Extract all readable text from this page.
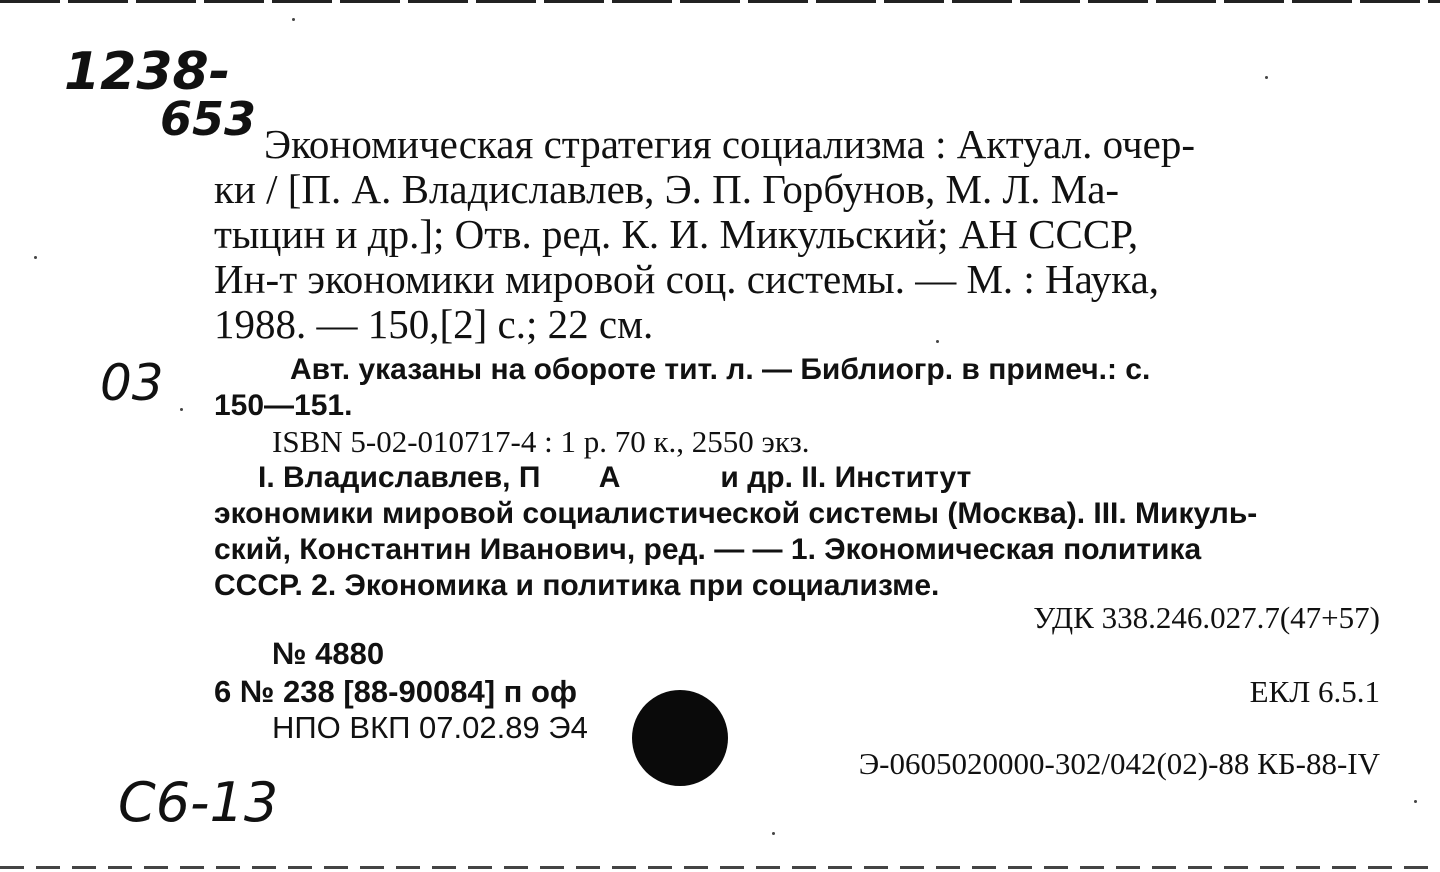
1238-
653 Экономическая стратегия социализма : Актуал. очер-
ки / [П. А. Владиславлев, Э. П. Горбунов, М. Л. Ма-
тыцин и др.]; Отв. ред. К. И. Микульский; АН СССР,
Ин-т экономики мировой соц. системы. — М. : Наука,
1988. — 150,[2] с.; 22 см.
03	Авт. указаны на обороте тит. л. — Библиогр. в примеч.: с.

150—151.

ISBN 5-02-010717-4 : 1 р. 70 к., 2550 экз.

I. Владиславлев, П       А            и др. II. Институт

экономики мировой социалистической системы (Москва). III. Микуль-

ский, Константин Иванович, ред. — — 1. Экономическая политика

СССР. 2. Экономика и политика при социализме.

УДК 338.246.027.7(47+57)
№ 4880
6 № 238 [88-90084] п оф
НПО ВКП 07.02.89 Э4
ЕКЛ 6.5.1
Э-0605020000-302/042(02)-88 КБ-88-IV
C6-13
